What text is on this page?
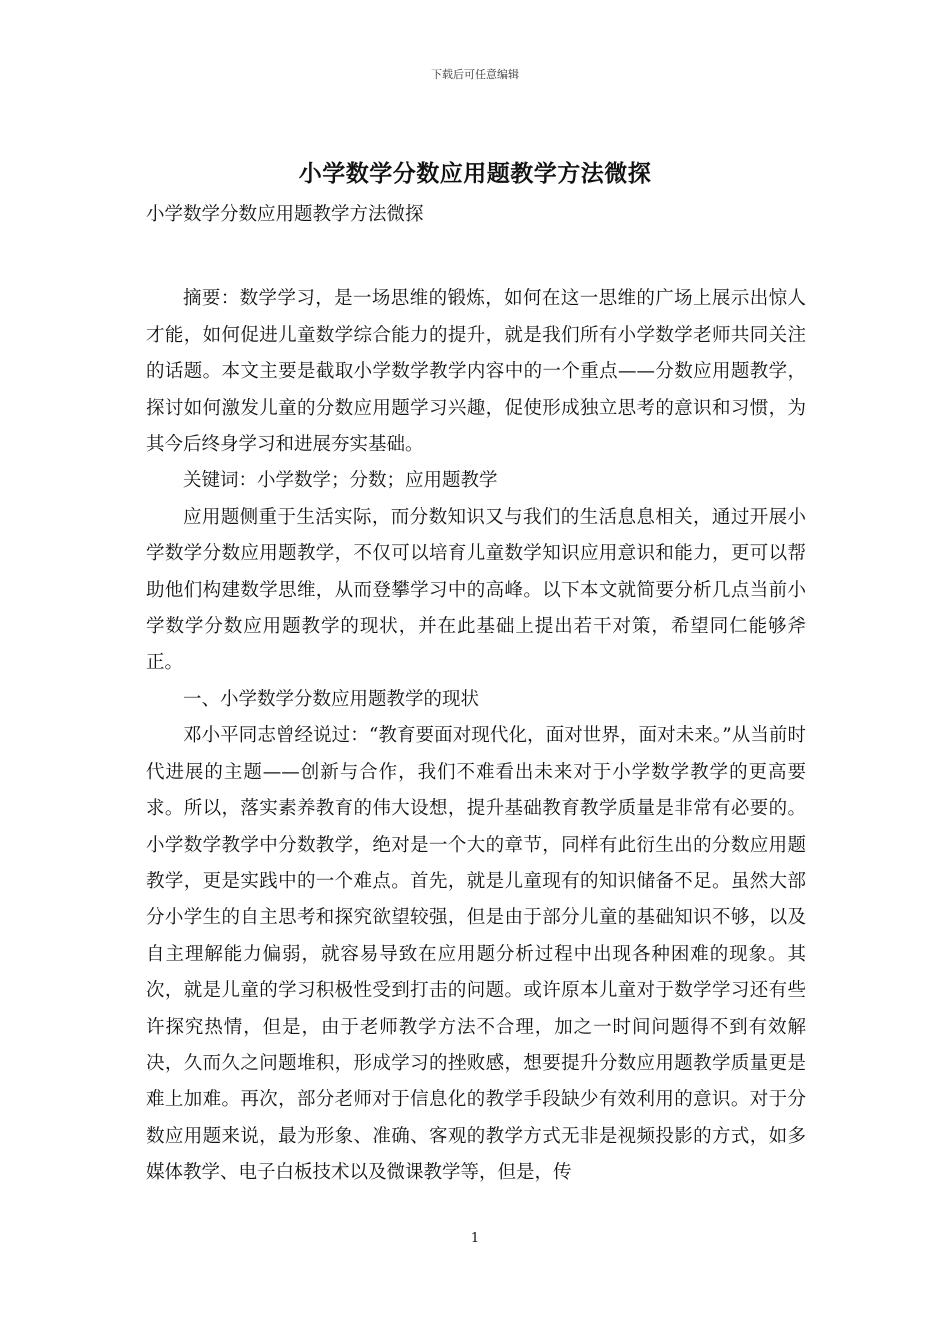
下载后可任意编辑
小学数学分数应用题教学方法微探

小学数学分数应用题教学方法微探

摘要：数学学习，是一场思维的锻炼，如何在这一思维的广场上展示出惊人才能，如何促进儿童数学综合能力的提升，就是我们所有小学数学老师共同关注的话题。本文主要是截取小学数学教学内容中的一个重点——分数应用题教学，探讨如何激发儿童的分数应用题学习兴趣，促使形成独立思考的意识和习惯，为其今后终身学习和进展夯实基础。

关键词：小学数学；分数；应用题教学

应用题侧重于生活实际，而分数知识又与我们的生活息息相关，通过开展小学数学分数应用题教学，不仅可以培育儿童数学知识应用意识和能力，更可以帮助他们构建数学思维，从而登攀学习中的高峰。以下本文就简要分析几点当前小学数学分数应用题教学的现状，并在此基础上提出若干对策，希望同仁能够斧正。

一、小学数学分数应用题教学的现状

邓小平同志曾经说过：“教育要面对现代化，面对世界，面对未来。”从当前时代进展的主题——创新与合作，我们不难看出未来对于小学数学教学的更高要求。所以，落实素养教育的伟大设想，提升基础教育教学质量是非常有必要的。小学数学教学中分数教学，绝对是一个大的章节，同样有此衍生出的分数应用题教学，更是实践中的一个难点。首先，就是儿童现有的知识储备不足。虽然大部分小学生的自主思考和探究欲望较强，但是由于部分儿童的基础知识不够，以及自主理解能力偏弱，就容易导致在应用题分析过程中出现各种困难的现象。其次，就是儿童的学习积极性受到打击的问题。或许原本儿童对于数学学习还有些许探究热情，但是，由于老师教学方法不合理，加之一时间问题得不到有效解决，久而久之问题堆积，形成学习的挫败感，想要提升分数应用题教学质量更是难上加难。再次，部分老师对于信息化的教学手段缺少有效利用的意识。对于分数应用题来说，最为形象、准确、客观的教学方式无非是视频投影的方式，如多媒体教学、电子白板技术以及微课教学等，但是，传

1
